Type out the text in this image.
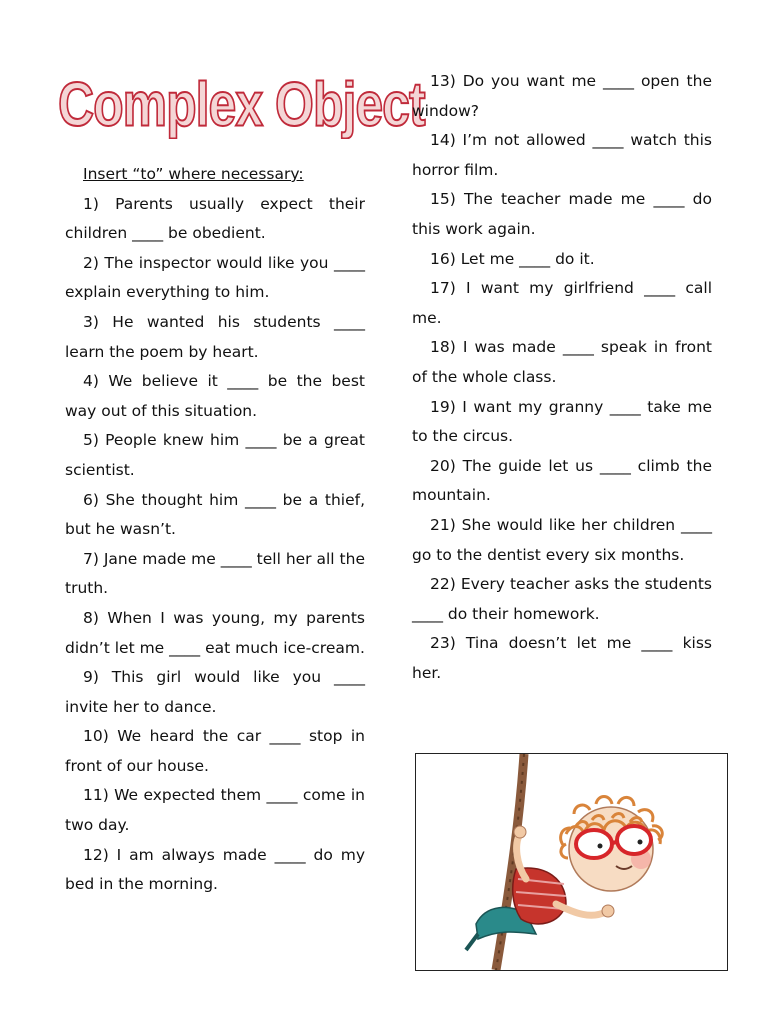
Complex Object

Insert “to” where necessary:

1) Parents usually expect their children ____ be obedient.

2) The inspector would like you ____ explain everything to him.

3) He wanted his students ____ learn the poem by heart.

4) We believe it ____ be the best way out of this situation.

5) People knew him ____ be a great scientist.

6) She thought him ____ be a thief, but he wasn’t.

7) Jane made me ____ tell her all the truth.

8) When I was young, my parents didn’t let me ____ eat much ice-cream.

9) This girl would like you ____ invite her to dance.

10) We heard the car ____ stop in front of our house.

11) We expected them ____ come in two day.

12) I am always made ____ do my bed in the morning.

13) Do you want me ____ open the window?

14) I’m not allowed ____ watch this horror film.

15) The teacher made me ____ do this work again.

16) Let me ____ do it.

17) I want my girlfriend ____ call me.

18) I was made ____ speak in front of the whole class.

19) I want my granny ____ take me to the circus.

20) The guide let us ____ climb the mountain.

21) She would like her children ____ go to the dentist every six months.

22) Every teacher asks the students ____ do their homework.

23) Tina doesn’t let me ____ kiss her.
